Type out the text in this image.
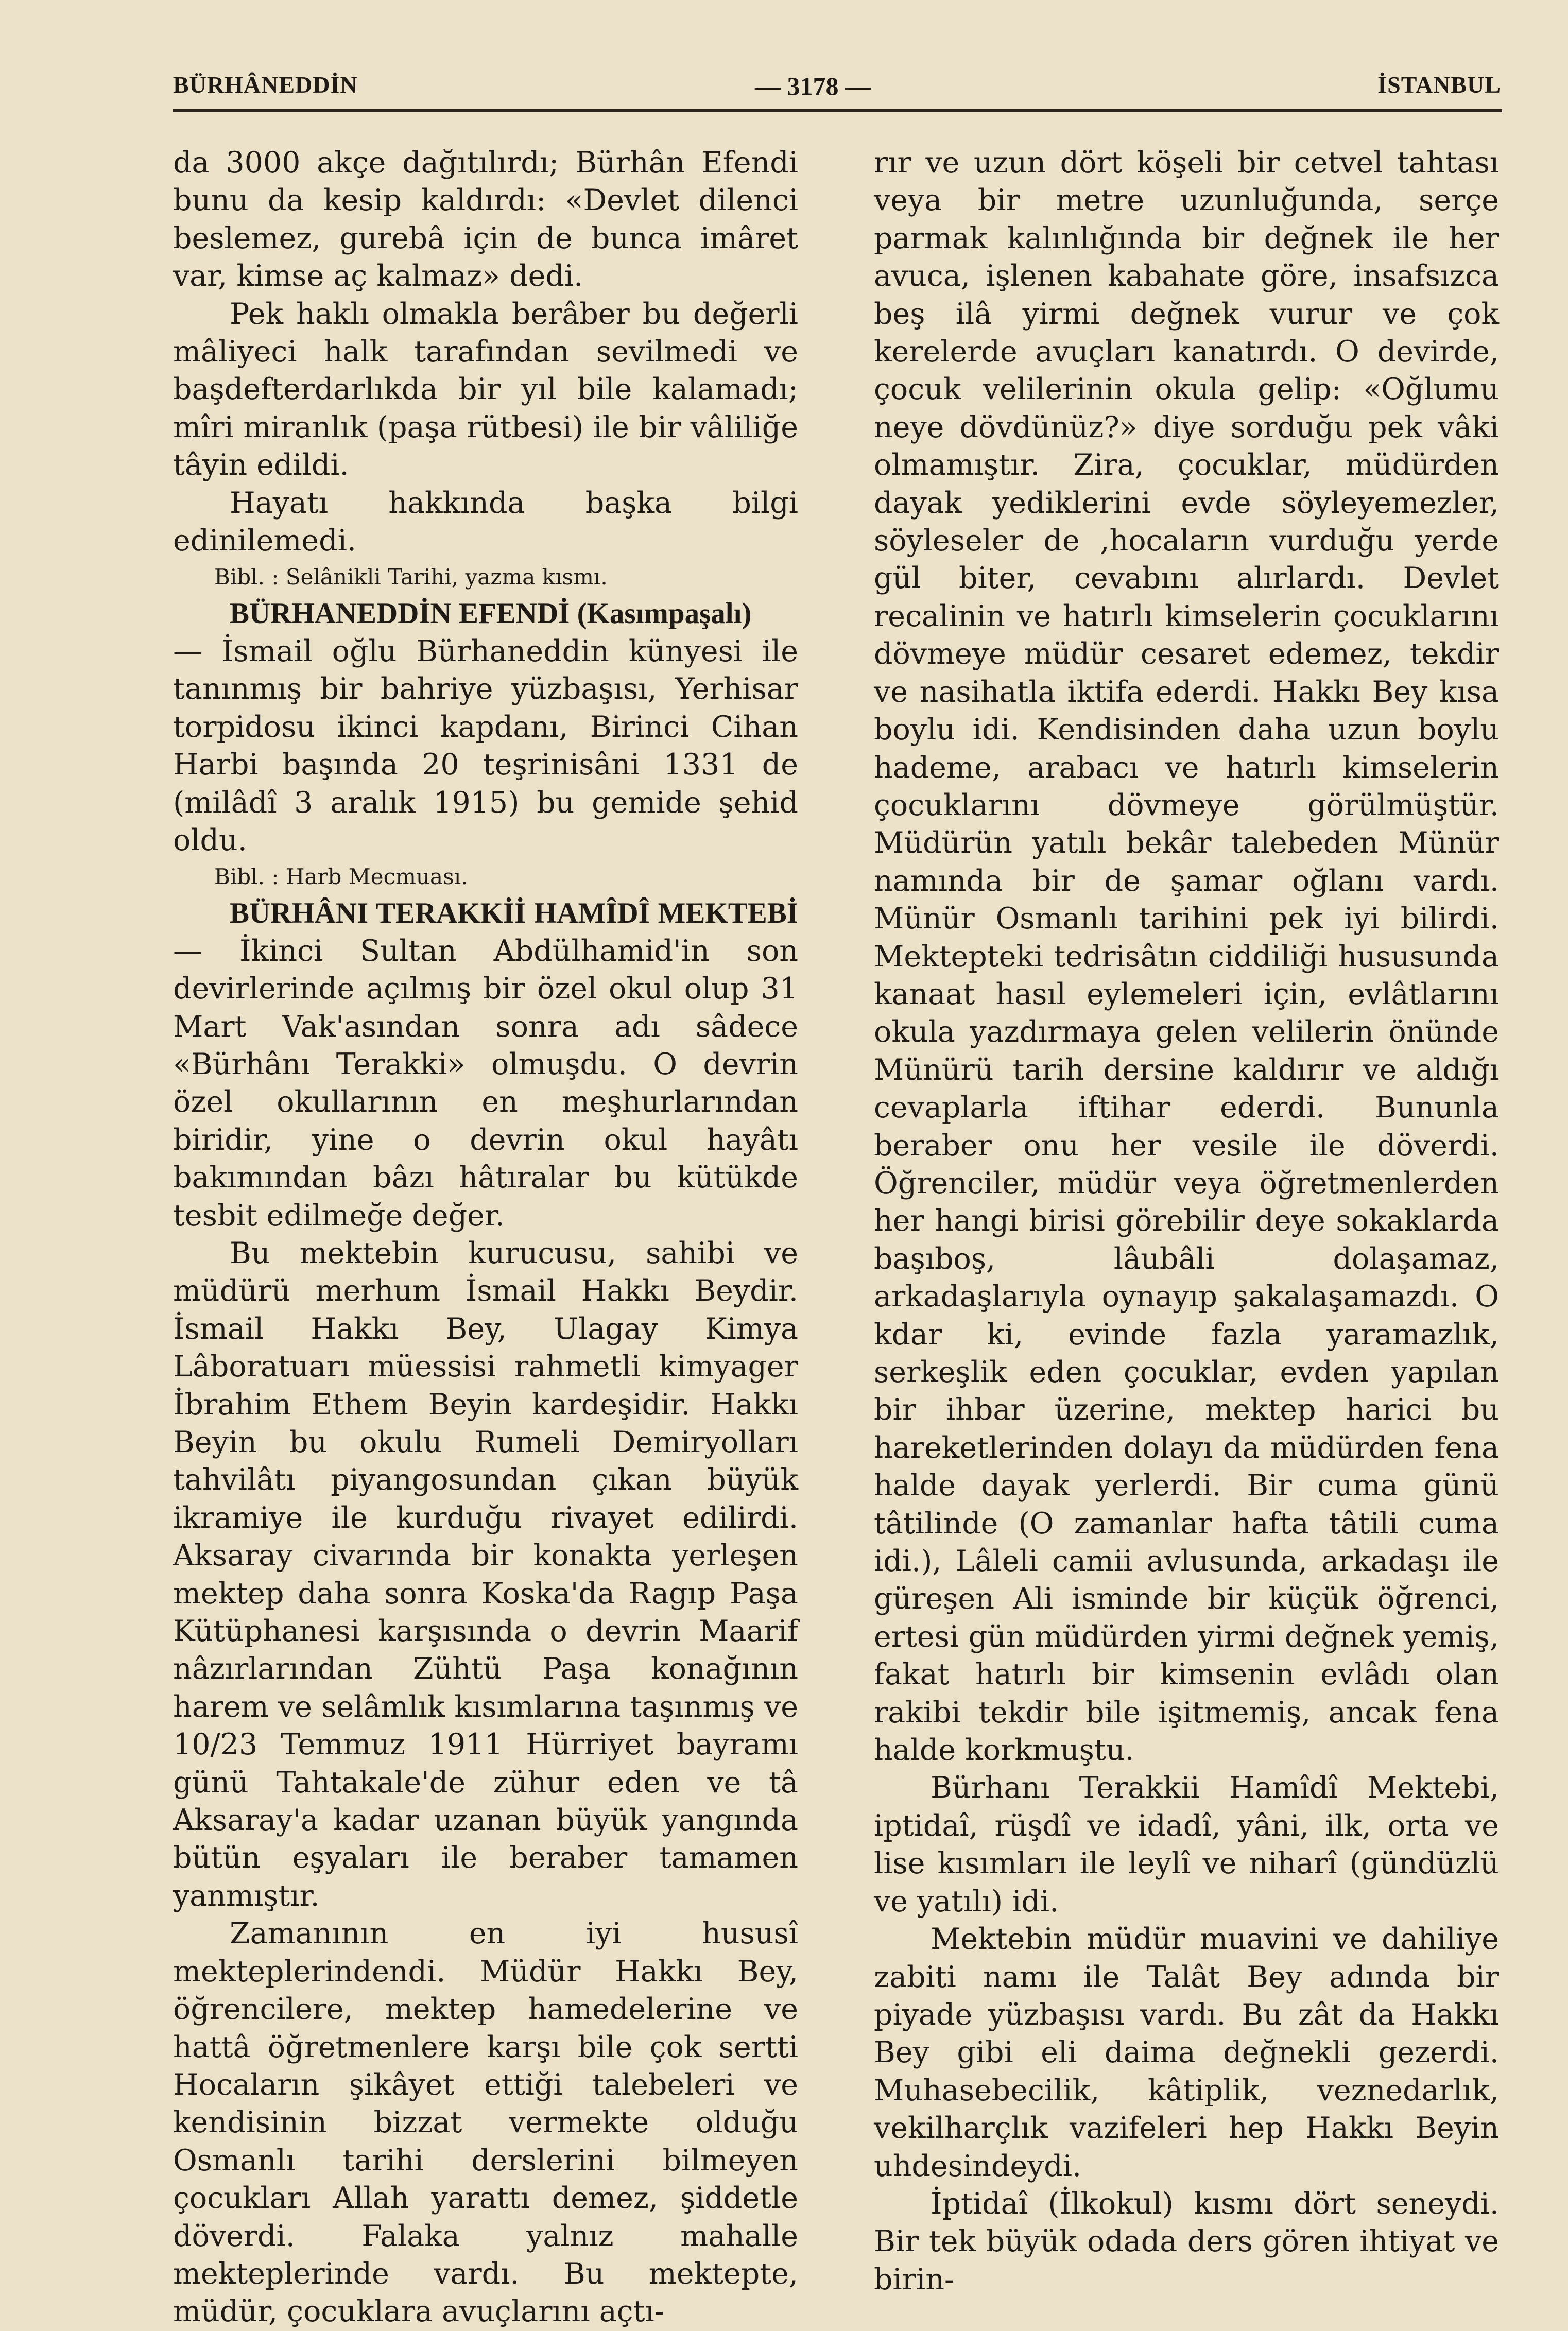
BÜRHÂNEDDİN	— 3178 —	İSTANBUL

da 3000 akçe dağıtılırdı; Bürhân Efendi bunu da kesip kaldırdı: «Devlet dilenci beslemez, gurebâ için de bunca imâret var, kimse aç kalmaz» dedi.

Pek haklı olmakla berâber bu değerli mâliyeci halk tarafından sevilmedi ve başdefterdarlıkda bir yıl bile kalamadı; mîri miranlık (paşa rütbesi) ile bir vâliliğe tâyin edildi.

Hayatı hakkında başka bilgi edinilemedi.

Bibl. : Selânikli Tarihi, yazma kısmı.

BÜRHANEDDİN EFENDİ (Kasımpaşalı)

— İsmail oğlu Bürhaneddin künyesi ile tanınmış bir bahriye yüzbaşısı, Yerhisar torpidosu ikinci kapdanı, Birinci Cihan Harbi başında 20 teşrinisâni 1331 de (milâdî 3 aralık 1915) bu gemide şehid oldu.

Bibl. : Harb Mecmuası.

BÜRHÂNI TERAKKİİ HAMÎDÎ MEKTEBİ — İkinci Sultan Abdülhamid'in son devirlerinde açılmış bir özel okul olup 31 Mart Vak'asından sonra adı sâdece «Bürhânı Terakki» olmuşdu. O devrin özel okullarının en meşhurlarından biridir, yine o devrin okul hayâtı bakımından bâzı hâtıralar bu kütükde tesbit edilmeğe değer.

Bu mektebin kurucusu, sahibi ve müdürü merhum İsmail Hakkı Beydir. İsmail Hakkı Bey, Ulagay Kimya Lâboratuarı müessisi rahmetli kimyager İbrahim Ethem Beyin kardeşidir. Hakkı Beyin bu okulu Rumeli Demiryolları tahvilâtı piyangosundan çıkan büyük ikramiye ile kurduğu rivayet edilirdi. Aksaray civarında bir konakta yerleşen mektep daha sonra Koska'da Ragıp Paşa Kütüphanesi karşısında o devrin Maarif nâzırlarından Zühtü Paşa konağının harem ve selâmlık kısımlarına taşınmış ve 10/23 Temmuz 1911 Hürriyet bayramı günü Tahtakale'de zühur eden ve tâ Aksaray'a kadar uzanan büyük yangında bütün eşyaları ile beraber tamamen yanmıştır.

Zamanının en iyi hususî mekteplerindendi. Müdür Hakkı Bey, öğrencilere, mektep hamedelerine ve hattâ öğretmenlere karşı bile çok sertti Hocaların şikâyet ettiği talebeleri ve kendisinin bizzat vermekte olduğu Osmanlı tarihi derslerini bilmeyen çocukları Allah yarattı demez, şiddetle döverdi. Falaka yalnız mahalle mekteplerinde vardı. Bu mektepte, müdür, çocuklara avuçlarını açtı-

rır ve uzun dört köşeli bir cetvel tahtası veya bir metre uzunluğunda, serçe parmak kalınlığında bir değnek ile her avuca, işlenen kabahate göre, insafsızca beş ilâ yirmi değnek vurur ve çok kerelerde avuçları kanatırdı. O devirde, çocuk velilerinin okula gelip: «Oğlumu neye dövdünüz?» diye sorduğu pek vâki olmamıştır. Zira, çocuklar, müdürden dayak yediklerini evde söyleyemezler, söyleseler de ,hocaların vurduğu yerde gül biter, cevabını alırlardı. Devlet recalinin ve hatırlı kimselerin çocuklarını dövmeye müdür cesaret edemez, tekdir ve nasihatla iktifa ederdi. Hakkı Bey kısa boylu idi. Kendisinden daha uzun boylu hademe, arabacı ve hatırlı kimselerin çocuklarını dövmeye görülmüştür. Müdürün yatılı bekâr talebeden Münür namında bir de şamar oğlanı vardı. Münür Osmanlı tarihini pek iyi bilirdi. Mektepteki tedrisâtın ciddiliği hususunda kanaat hasıl eylemeleri için, evlâtlarını okula yazdırmaya gelen velilerin önünde Münürü tarih dersine kaldırır ve aldığı cevaplarla iftihar ederdi. Bununla beraber onu her vesile ile döverdi. Öğrenciler, müdür veya öğretmenlerden her hangi birisi görebilir deye sokaklarda başıboş, lâubâli dolaşamaz, arkadaşlarıyla oynayıp şakalaşamazdı. O kdar ki, evinde fazla yaramazlık, serkeşlik eden çocuklar, evden yapılan bir ihbar üzerine, mektep harici bu hareketlerinden dolayı da müdürden fena halde dayak yerlerdi. Bir cuma günü tâtilinde (O zamanlar hafta tâtili cuma idi.), Lâleli camii avlusunda, arkadaşı ile güreşen Ali isminde bir küçük öğrenci, ertesi gün müdürden yirmi değnek yemiş, fakat hatırlı bir kimsenin evlâdı olan rakibi tekdir bile işitmemiş, ancak fena halde korkmuştu.

Bürhanı Terakkii Hamîdî Mektebi, iptidaî, rüşdî ve idadî, yâni, ilk, orta ve lise kısımları ile leylî ve niharî (gündüzlü ve yatılı) idi.

Mektebin müdür muavini ve dahiliye zabiti namı ile Talât Bey adında bir piyade yüzbaşısı vardı. Bu zât da Hakkı Bey gibi eli daima değnekli gezerdi. Muhasebecilik, kâtiplik, veznedarlık, vekilharçlık vazifeleri hep Hakkı Beyin uhdesindeydi.

İptidaî (İlkokul) kısmı dört seneydi. Bir tek büyük odada ders gören ihtiyat ve birin-
